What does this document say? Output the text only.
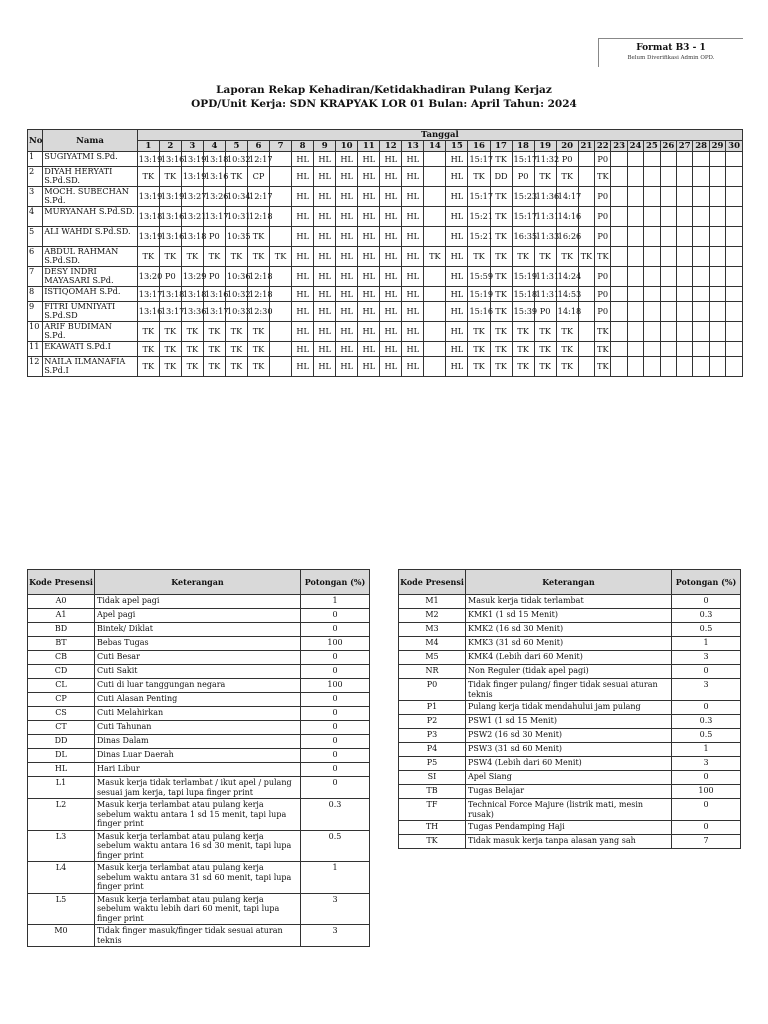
Format B3 - 1
Belum Diverifikasi Admin OPD.
Laporan Rekap Kehadiran/Ketidakhadiran Pulang Kerjaz
OPD/Unit Kerja: SDN KRAPYAK LOR 01 Bulan: April Tahun: 2024
No	Nama	Tanggal																													
		1	2	3	4	5	6	7	8	9	10	11	12	13	14	15	16	17	18	19	20	21	22	23	24	25	26	27	28	29	30
1	SUGIYATMI S.Pd.	13:19	13:16	13:19	13:18	10:32	12:17		HL	HL	HL	HL	HL	HL		HL	15:17	TK	15:17	11:32	P0		P0								
2	DIYAH HERYATI S.Pd.SD.	TK	TK	13:19	13:16	TK	CP		HL	HL	HL	HL	HL	HL		HL	TK	DD	P0	TK	TK		TK								
3	MOCH. SUBECHAN S.Pd.	13:19	13:19	13:27	13:26	10:34	12:17		HL	HL	HL	HL	HL	HL		HL	15:17	TK	15:23	11:36	14:17		P0								
4	MURYANAH S.Pd.SD.	13:18	13:16	13:21	13:17	10:31	12:18		HL	HL	HL	HL	HL	HL		HL	15:21	TK	15:17	11:31	14:16		P0								
5	ALI WAHDI S.Pd.SD.	13:19	13:16	13:18	P0	10:35	TK		HL	HL	HL	HL	HL	HL		HL	15:21	TK	16:35	11:33	16:26		P0								
6	ABDUL RAHMAN S.Pd.SD.	TK	TK	TK	TK	TK	TK	TK	HL	HL	HL	HL	HL	HL	TK	HL	TK	TK	TK	TK	TK	TK	TK								
7	DESY INDRI MAYASARI S.Pd.	13:20	P0	13:29	P0	10:36	12:18		HL	HL	HL	HL	HL	HL		HL	15:59	TK	15:19	11:31	14:24		P0								
8	ISTIQOMAH S.Pd.	13:17	13:18	13:18	13:16	10:32	12:18		HL	HL	HL	HL	HL	HL		HL	15:19	TK	15:18	11:31	14:53		P0								
9	FITRI UMNIYATI S.Pd.SD	13:16	13:17	13:36	13:17	10:33	12:30		HL	HL	HL	HL	HL	HL		HL	15:16	TK	15:39	P0	14:18		P0								
10	ARIF BUDIMAN S.Pd.	TK	TK	TK	TK	TK	TK		HL	HL	HL	HL	HL	HL		HL	TK	TK	TK	TK	TK		TK								
11	EKAWATI S.Pd.I	TK	TK	TK	TK	TK	TK		HL	HL	HL	HL	HL	HL		HL	TK	TK	TK	TK	TK		TK								
12	NAILA ILMANAFIA S.Pd.I	TK	TK	TK	TK	TK	TK		HL	HL	HL	HL	HL	HL		HL	TK	TK	TK	TK	TK		TK								
Kode Presensi	Keterangan	Potongan (%)
A0	Tidak apel pagi	1
A1	Apel pagi	0
BD	Bintek/ Diklat	0
BT	Bebas Tugas	100
CB	Cuti Besar	0
CD	Cuti Sakit	0
CL	Cuti di luar tanggungan negara	100
CP	Cuti Alasan Penting	0
CS	Cuti Melahirkan	0
CT	Cuti Tahunan	0
DD	Dinas Dalam	0
DL	Dinas Luar Daerah	0
HL	Hari Libur	0
L1	Masuk kerja tidak terlambat / ikut apel / pulang sesuai jam kerja, tapi lupa finger print	0
L2	Masuk kerja terlambat atau pulang kerja sebelum waktu antara 1 sd 15 menit, tapi lupa finger print	0.3
L3	Masuk kerja terlambat atau pulang kerja sebelum waktu antara 16 sd 30 menit, tapi lupa finger print	0.5
L4	Masuk kerja terlambat atau pulang kerja sebelum waktu antara 31 sd 60 menit, tapi lupa finger print	1
L5	Masuk kerja terlambat atau pulang kerja sebelum waktu lebih dari 60 menit, tapi lupa finger print	3
M0	Tidak finger masuk/finger tidak sesuai aturan teknis	3
Kode Presensi	Keterangan	Potongan (%)
M1	Masuk kerja tidak terlambat	0
M2	KMK1 (1 sd 15 Menit)	0.3
M3	KMK2 (16 sd 30 Menit)	0.5
M4	KMK3 (31 sd 60 Menit)	1
M5	KMK4 (Lebih dari 60 Menit)	3
NR	Non Reguler (tidak apel pagi)	0
P0	Tidak finger pulang/ finger tidak sesuai aturan teknis	3
P1	Pulang kerja tidak mendahului jam pulang	0
P2	PSW1 (1 sd 15 Menit)	0.3
P3	PSW2 (16 sd 30 Menit)	0.5
P4	PSW3 (31 sd 60 Menit)	1
P5	PSW4 (Lebih dari 60 Menit)	3
SI	Apel Siang	0
TB	Tugas Belajar	100
TF	Technical Force Majure (listrik mati, mesin rusak)	0
TH	Tugas Pendamping Haji	0
TK	Tidak masuk kerja tanpa alasan yang sah	7
